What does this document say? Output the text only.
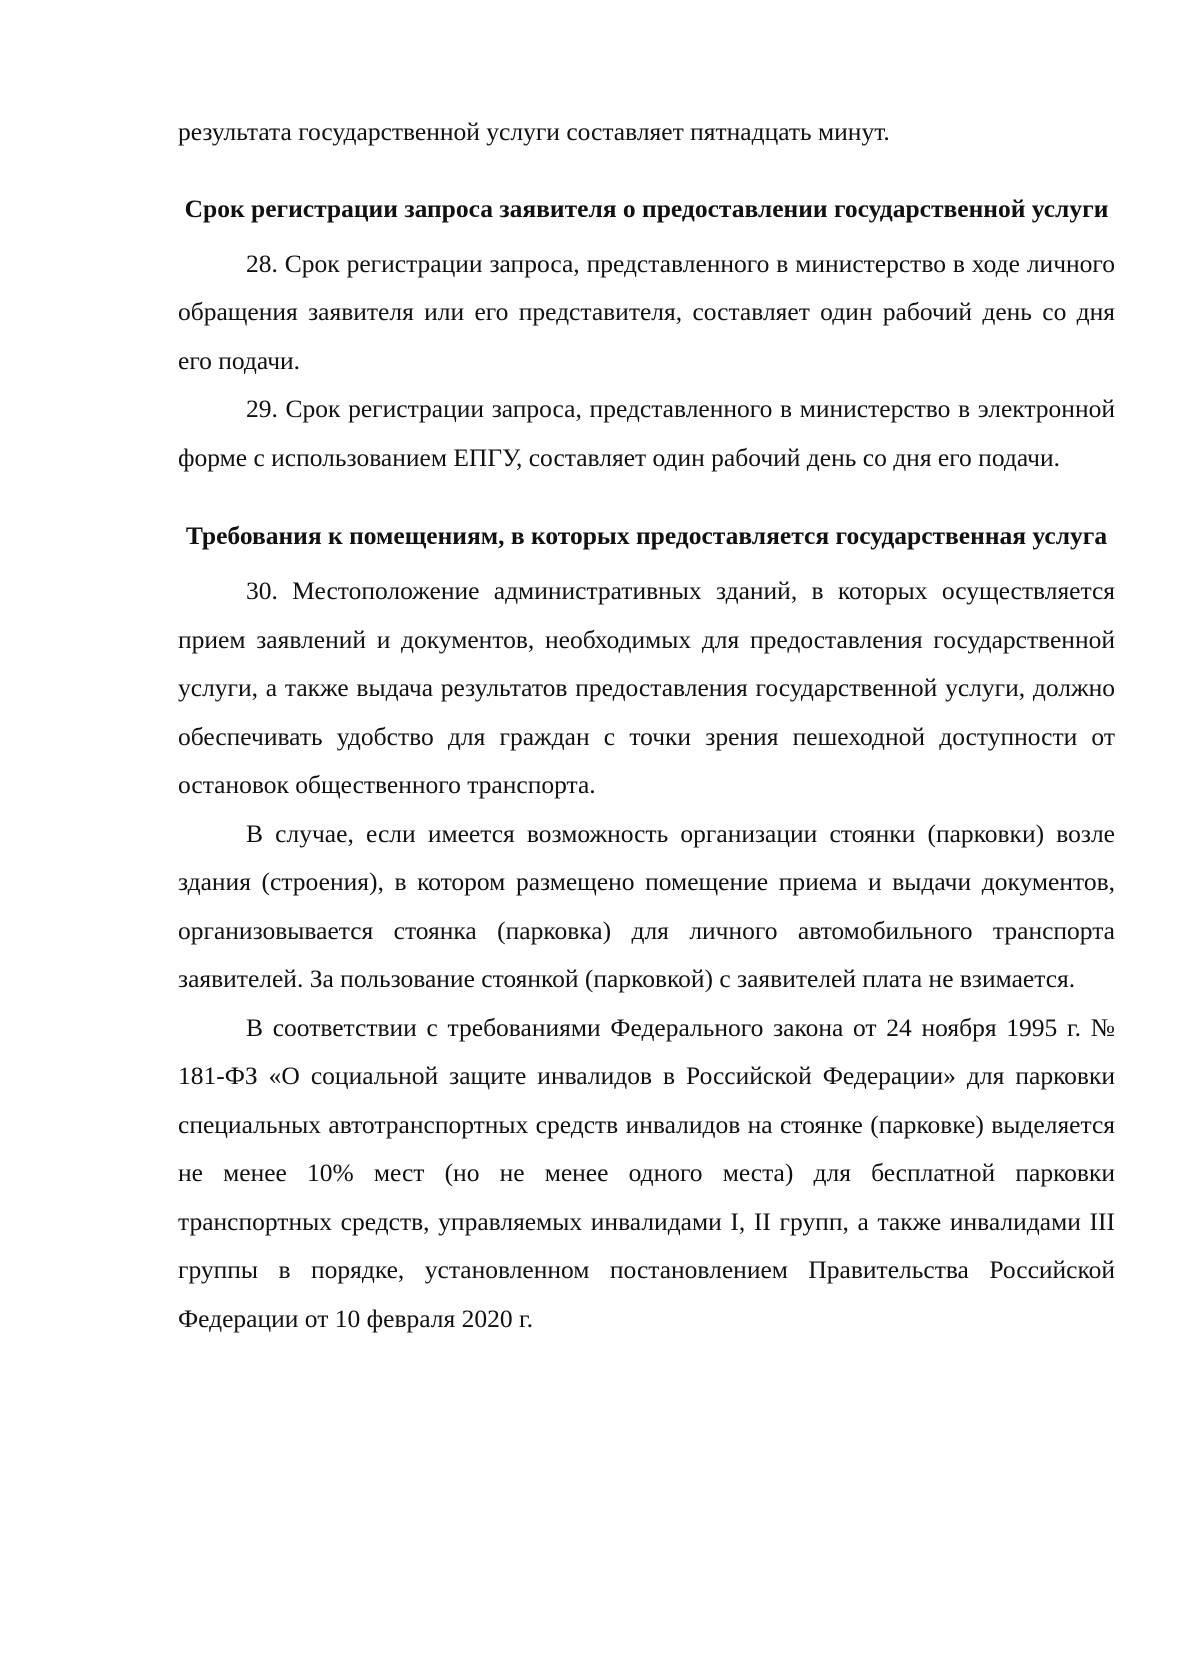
результата государственной услуги составляет пятнадцать минут.

Срок регистрации запроса заявителя о предоставлении государственной услуги

28. Срок регистрации запроса, представленного в министерство в ходе личного обращения заявителя или его представителя, составляет один рабочий день со дня его подачи.

29. Срок регистрации запроса, представленного в министерство в электронной форме с использованием ЕПГУ, составляет один рабочий день со дня его подачи.

Требования к помещениям, в которых предоставляется государственная услуга

30. Местоположение административных зданий, в которых осуществляется прием заявлений и документов, необходимых для предоставления государственной услуги, а также выдача результатов предоставления государственной услуги, должно обеспечивать удобство для граждан с точки зрения пешеходной доступности от остановок общественного транспорта.

В случае, если имеется возможность организации стоянки (парковки) возле здания (строения), в котором размещено помещение приема и выдачи документов, организовывается стоянка (парковка) для личного автомобильного транспорта заявителей. За пользование стоянкой (парковкой) с заявителей плата не взимается.

В соответствии с требованиями Федерального закона от 24 ноября 1995 г. № 181-ФЗ «О социальной защите инвалидов в Российской Федерации» для парковки специальных автотранспортных средств инвалидов на стоянке (парковке) выделяется не менее 10% мест (но не менее одного места) для бесплатной парковки транспортных средств, управляемых инвалидами I, II групп, а также инвалидами III группы в порядке, установленном постановлением Правительства Российской Федерации от 10 февраля 2020 г.
